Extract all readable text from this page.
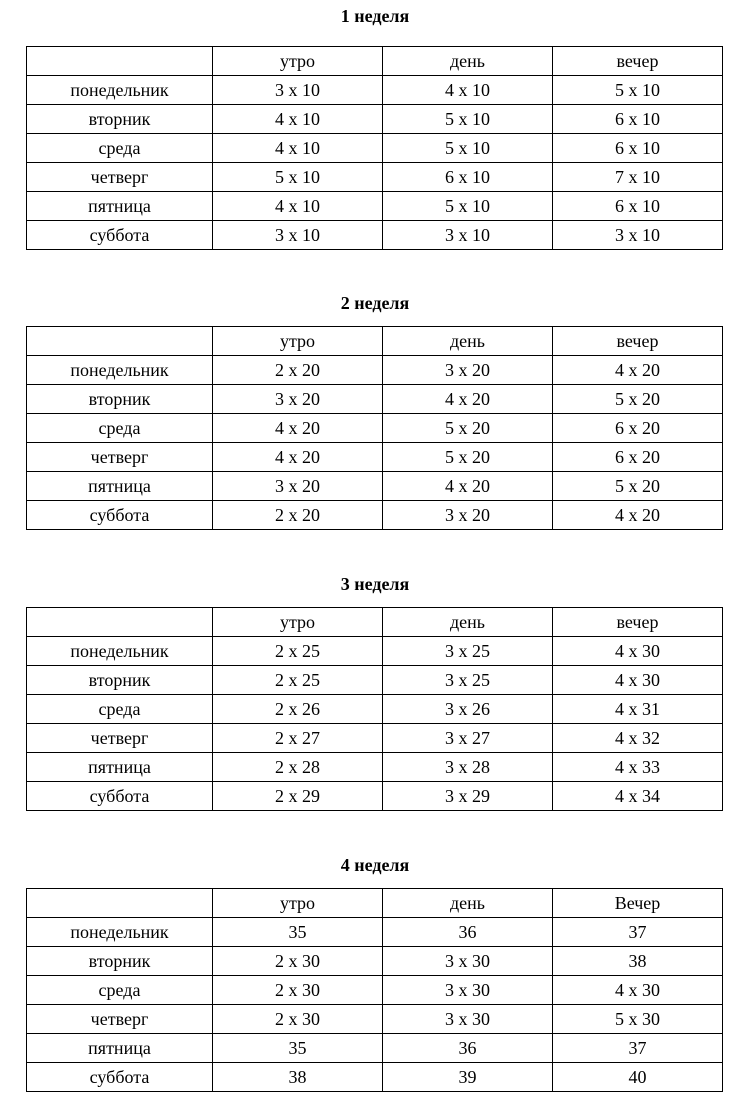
1 неделя
	утро	день	вечер
понедельник	3 x 10	4 x 10	5 x 10
вторник	4 x 10	5 x 10	6 x 10
среда	4 x 10	5 x 10	6 x 10
четверг	5 x 10	6 x 10	7 x 10
пятница	4 x 10	5 x 10	6 x 10
суббота	3 x 10	3 x 10	3 x 10
2 неделя
	утро	день	вечер
понедельник	2 x 20	3 x 20	4 x 20
вторник	3 x 20	4 x 20	5 x 20
среда	4 x 20	5 x 20	6 x 20
четверг	4 x 20	5 x 20	6 x 20
пятница	3 x 20	4 x 20	5 x 20
суббота	2 x 20	3 x 20	4 x 20
3 неделя
	утро	день	вечер
понедельник	2 x 25	3 x 25	4 x 30
вторник	2 x 25	3 x 25	4 x 30
среда	2 x 26	3 x 26	4 x 31
четверг	2 x 27	3 x 27	4 x 32
пятница	2 x 28	3 x 28	4 x 33
суббота	2 x 29	3 x 29	4 x 34
4 неделя
	утро	день	Вечер
понедельник	35	36	37
вторник	2 x 30	3 x 30	38
среда	2 x 30	3 x 30	4 x 30
четверг	2 x 30	3 x 30	5 x 30
пятница	35	36	37
суббота	38	39	40
